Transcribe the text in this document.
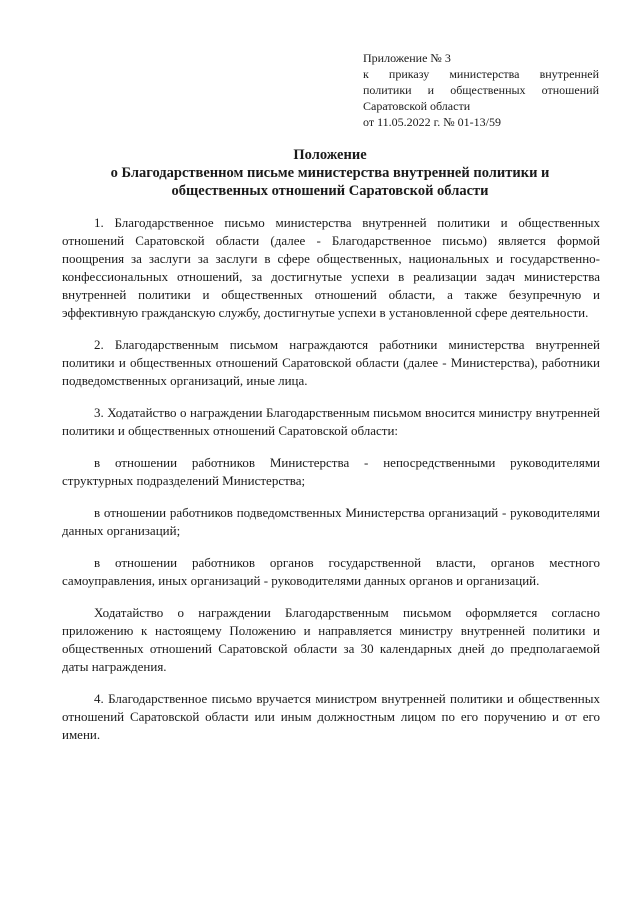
Приложение № 3
к приказу министерства внутренней
политики и общественных отношений
Саратовской области
от 11.05.2022 г. № 01-13/59
Положение
о Благодарственном письме министерства внутренней политики и
общественных отношений Саратовской области

1. Благодарственное письмо министерства внутренней политики и общественных отношений Саратовской области (далее - Благодарственное письмо) является формой поощрения за заслуги за заслуги в сфере общественных, национальных и государственно-конфессиональных отношений, за достигнутые успехи в реализации задач министерства внутренней политики и общественных отношений области, а также безупречную и эффективную гражданскую службу, достигнутые успехи в установленной сфере деятельности.

2. Благодарственным письмом награждаются работники министерства внутренней политики и общественных отношений Саратовской области (далее - Министерства), работники подведомственных организаций, иные лица.

3. Ходатайство о награждении Благодарственным письмом вносится министру внутренней политики и общественных отношений Саратовской области:

в отношении работников Министерства - непосредственными руководителями структурных подразделений Министерства;

в отношении работников подведомственных Министерства организаций - руководителями данных организаций;

в отношении работников органов государственной власти, органов местного самоуправления, иных организаций - руководителями данных органов и организаций.

Ходатайство о награждении Благодарственным письмом оформляется согласно приложению к настоящему Положению и направляется министру внутренней политики и общественных отношений Саратовской области за 30 календарных дней до предполагаемой даты награждения.

4. Благодарственное письмо вручается министром внутренней политики и общественных отношений Саратовской области или иным должностным лицом по его поручению и от его имени.
